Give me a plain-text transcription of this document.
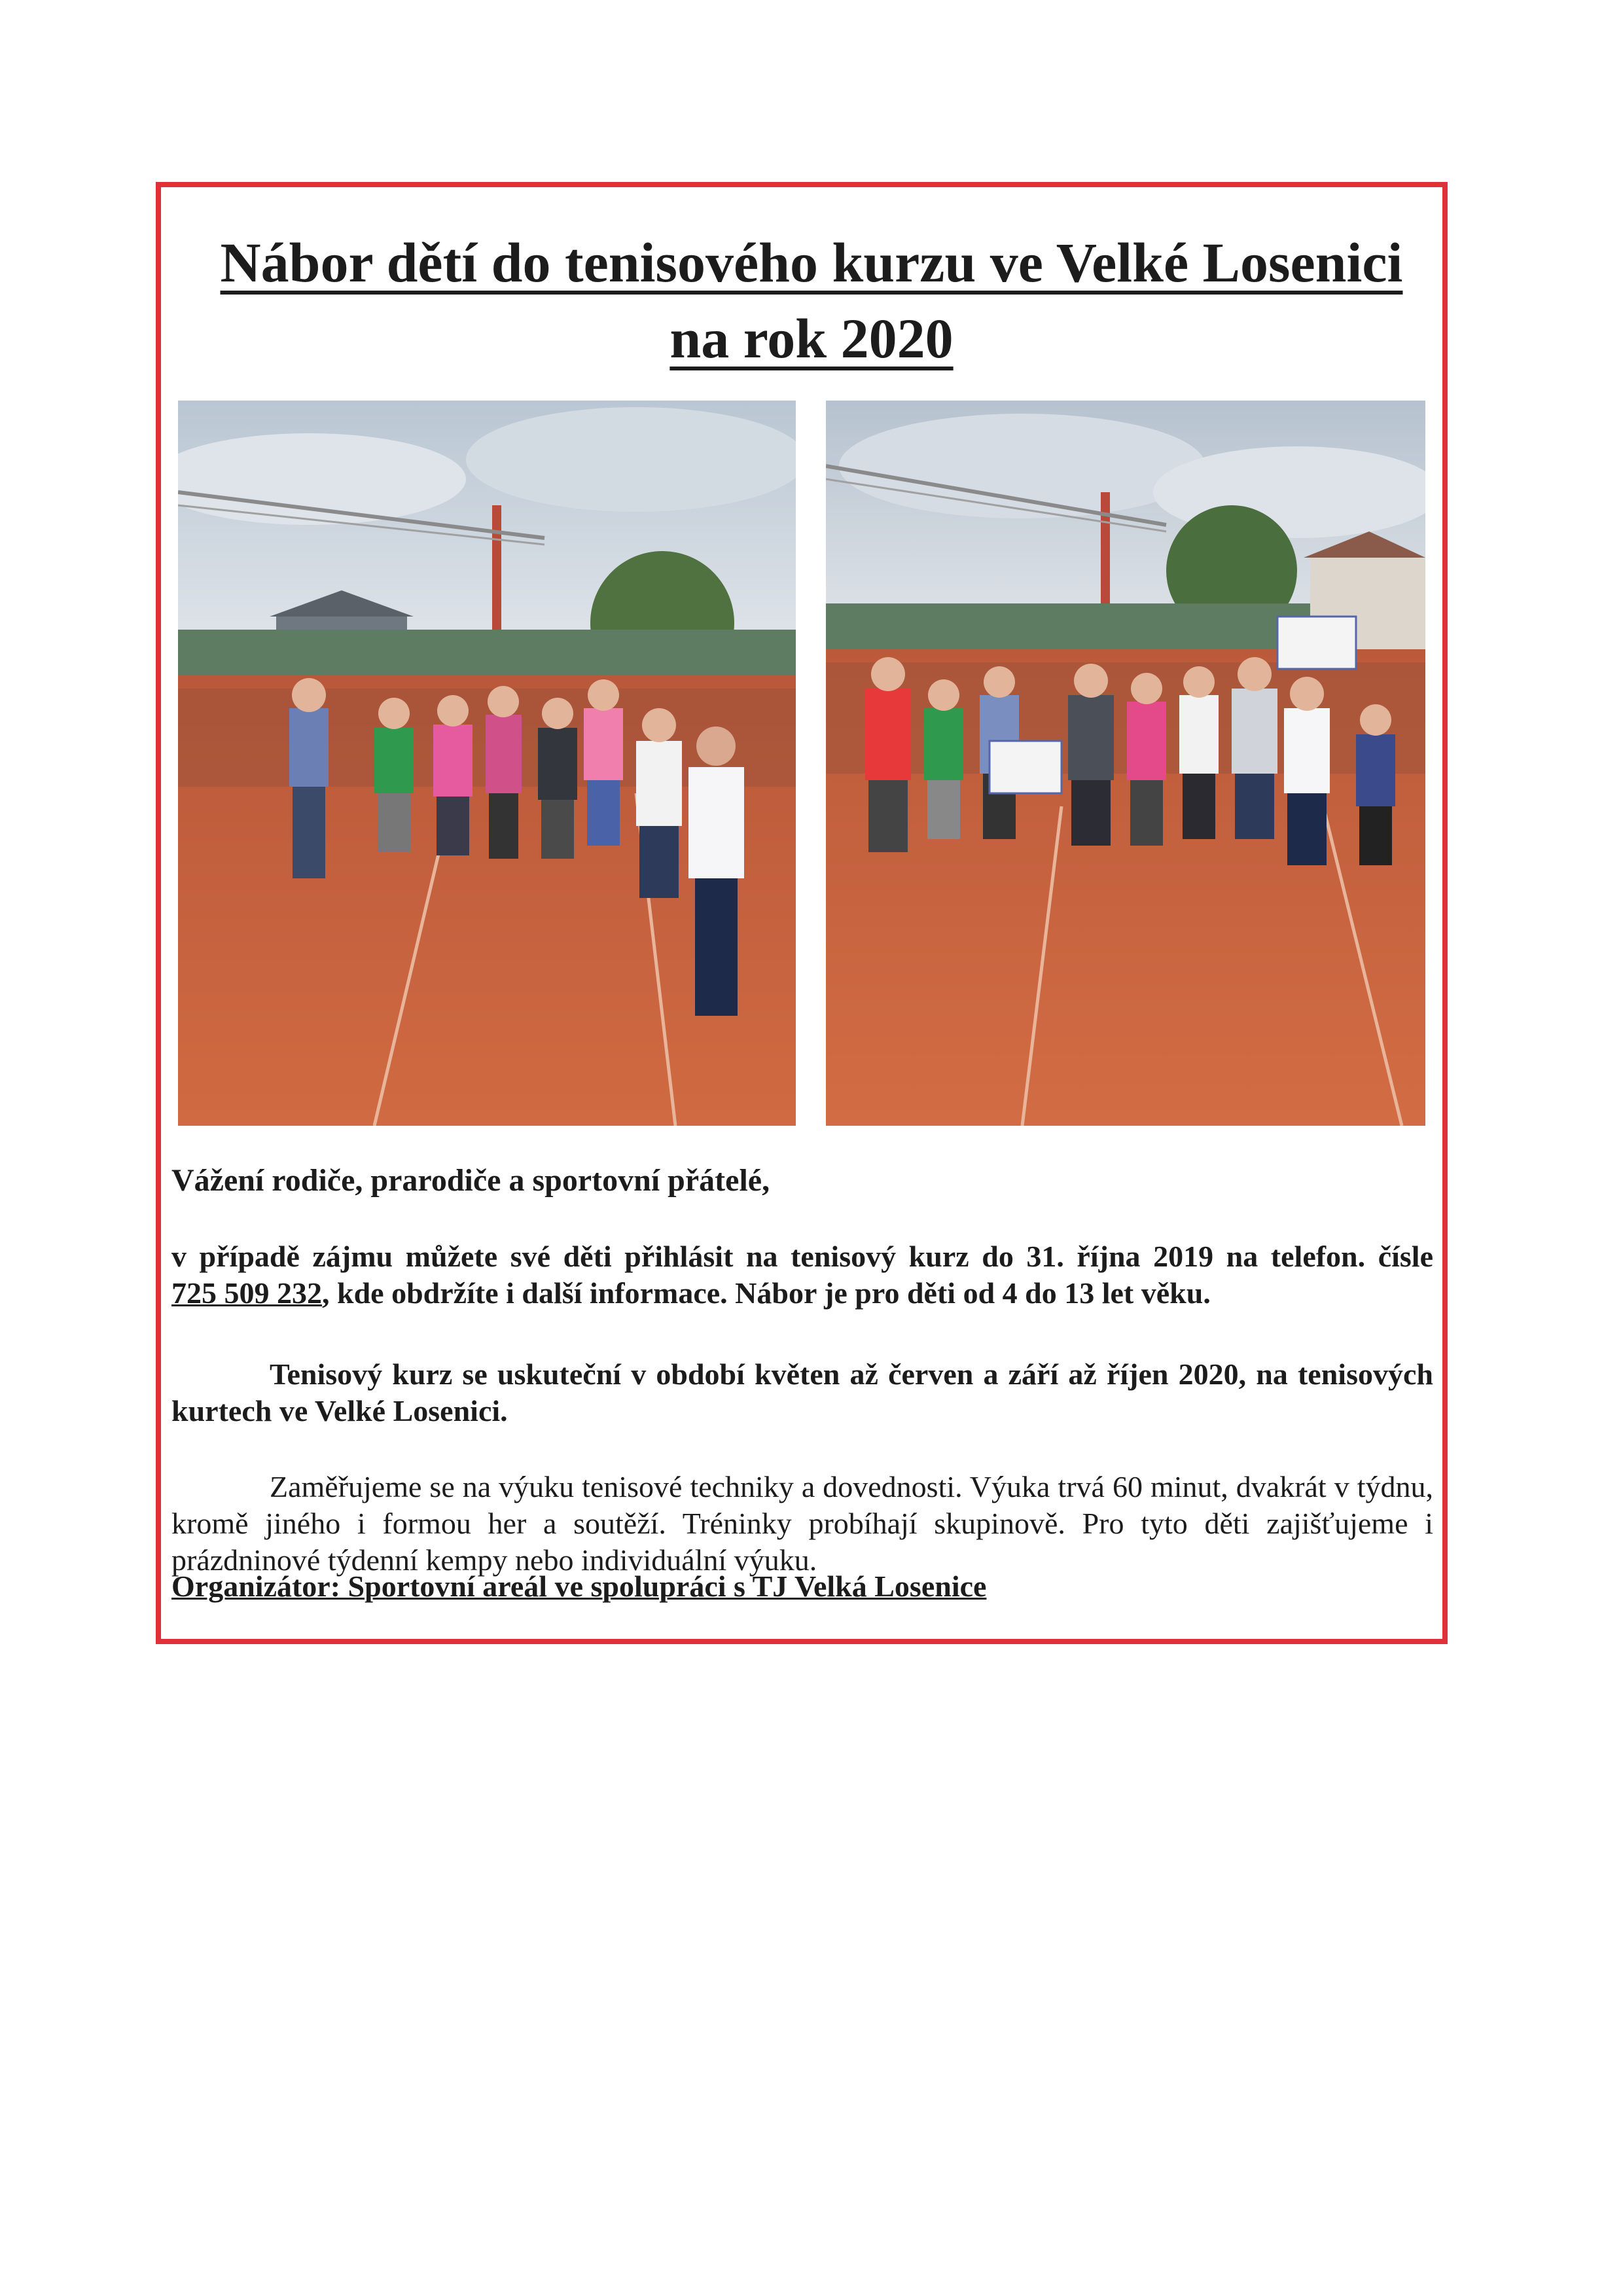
Nábor dětí do tenisového kurzu ve Velké Losenici
na rok 2020

Vážení rodiče, prarodiče a sportovní přátelé,

v případě zájmu můžete své děti přihlásit na tenisový kurz do 31. října 2019 na telefon. čísle
725 509 232, kde obdržíte i další informace. Nábor je pro děti od 4 do 13 let věku.

Tenisový kurz se uskuteční v období květen až červen a září až říjen 2020, na tenisových kurtech ve Velké Losenici.

Zaměřujeme se na výuku tenisové techniky a dovednosti. Výuka trvá 60 minut, dvakrát v týdnu, kromě jiného i formou her a soutěží. Tréninky probíhají skupinově. Pro tyto děti zajišťujeme i prázdninové týdenní kempy nebo individuální výuku.

Organizátor: Sportovní areál ve spolupráci s TJ Velká Losenice
